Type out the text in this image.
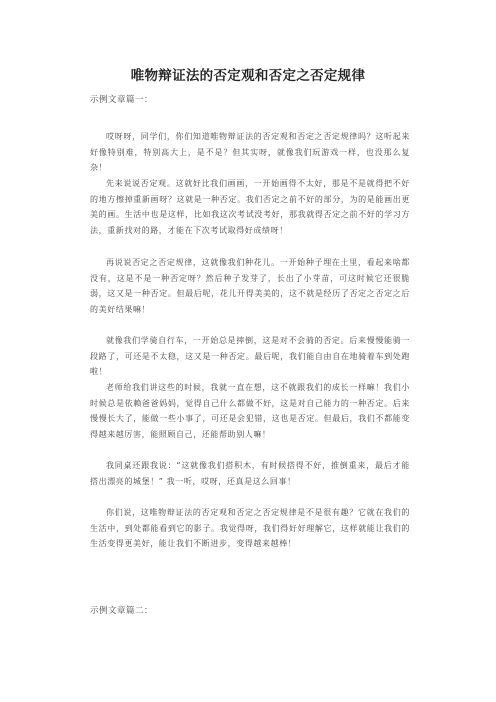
唯物辩证法的否定观和否定之否定规律
示例文章篇一：

哎呀呀，同学们，你们知道唯物辩证法的否定观和否定之否定规律吗？这听起来好像特别难，特别高大上，是不是？但其实呀，就像我们玩游戏一样，也没那么复杂！

先来说说否定观。这就好比我们画画，一开始画得不太好，那是不是就得把不好的地方擦掉重新画呀？这就是一种否定。我们否定之前不好的部分，为的是能画出更美的画。生活中也是这样，比如我这次考试没考好，那我就得否定之前不好的学习方法，重新找对的路，才能在下次考试取得好成绩呀！

再说说否定之否定规律，这就像我们种花儿。一开始种子埋在土里，看起来啥都没有，这是不是一种否定呀？然后种子发芽了，长出了小芽苗，可这时候它还很脆弱，这又是一种否定。但最后呢，花儿开得美美的，这不就是经历了否定之否定之后的美好结果嘛！

就像我们学骑自行车，一开始总是摔倒，这是对不会骑的否定。后来慢慢能骑一段路了，可还是不太稳，这又是一种否定。最后呢，我们能自由自在地骑着车到处跑啦！

老师给我们讲这些的时候，我就一直在想，这不就跟我们的成长一样嘛！我们小时候总是依赖爸爸妈妈，觉得自己什么都做不好，这是对自己能力的一种否定。后来慢慢长大了，能做一些小事了，可还是会犯错，这也是否定。但最后，我们不都能变得越来越厉害，能照顾自己，还能帮助别人嘛！

我同桌还跟我说：“这就像我们搭积木，有时候搭得不好，推倒重来，最后才能搭出漂亮的城堡！” 我一听，哎呀，还真是这么回事！

你们说，这唯物辩证法的否定观和否定之否定规律是不是很有趣？它就在我们的生活中，到处都能看到它的影子。我觉得呀，我们得好好理解它，这样就能让我们的生活变得更美好，能让我们不断进步，变得越来越棒！

示例文章篇二：
